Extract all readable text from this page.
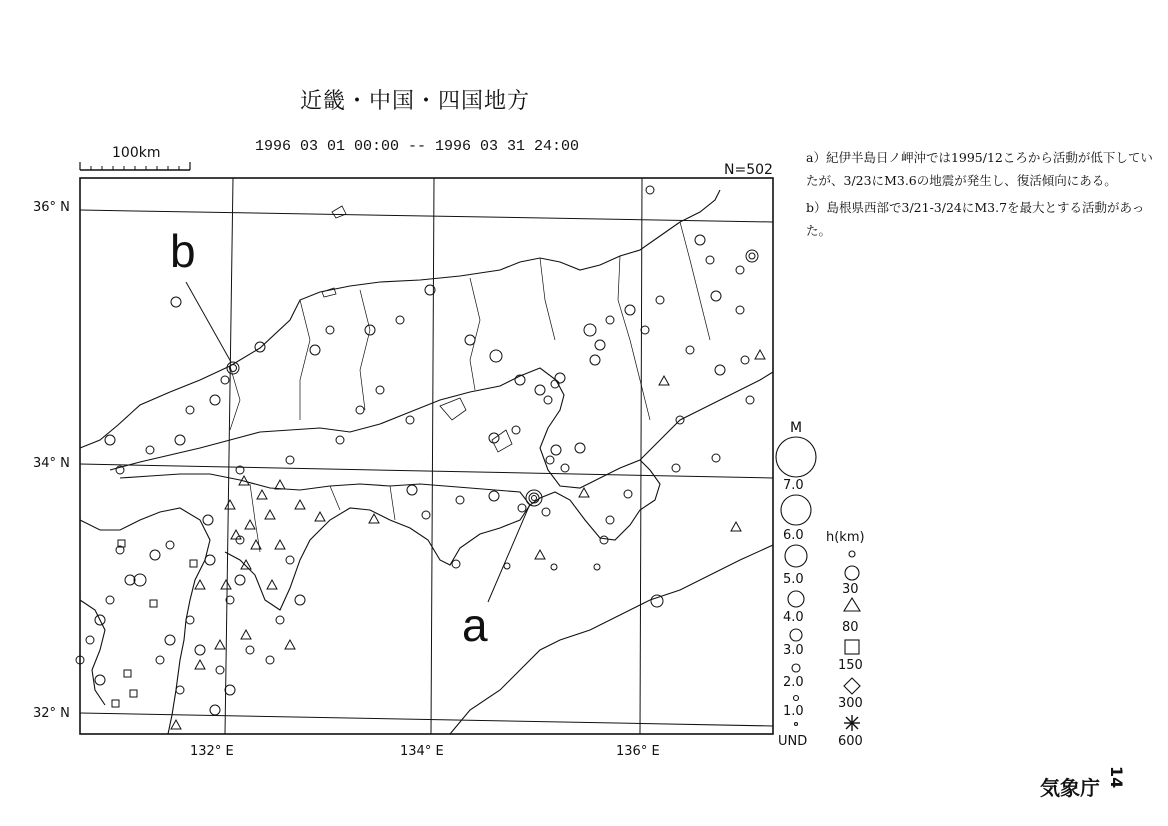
近畿・中国・四国地方
1996 03 01 00:00 -- 1996 03 31 24:00
100km
N=502
36° N
34° N
32° N
132° E	134° E	136° E
b
a

a）紀伊半島日ノ岬沖では1995/12ころから活動が低下していたが、3/23にM3.6の地震が発生し、復活傾向にある。

b）島根県西部で3/21-3/24にM3.7を最大とする活動があった。

M
7.0
6.0
5.0
4.0
3.0
2.0
1.0
UND
h(km)
30
80
150
300
600
気象庁 14
